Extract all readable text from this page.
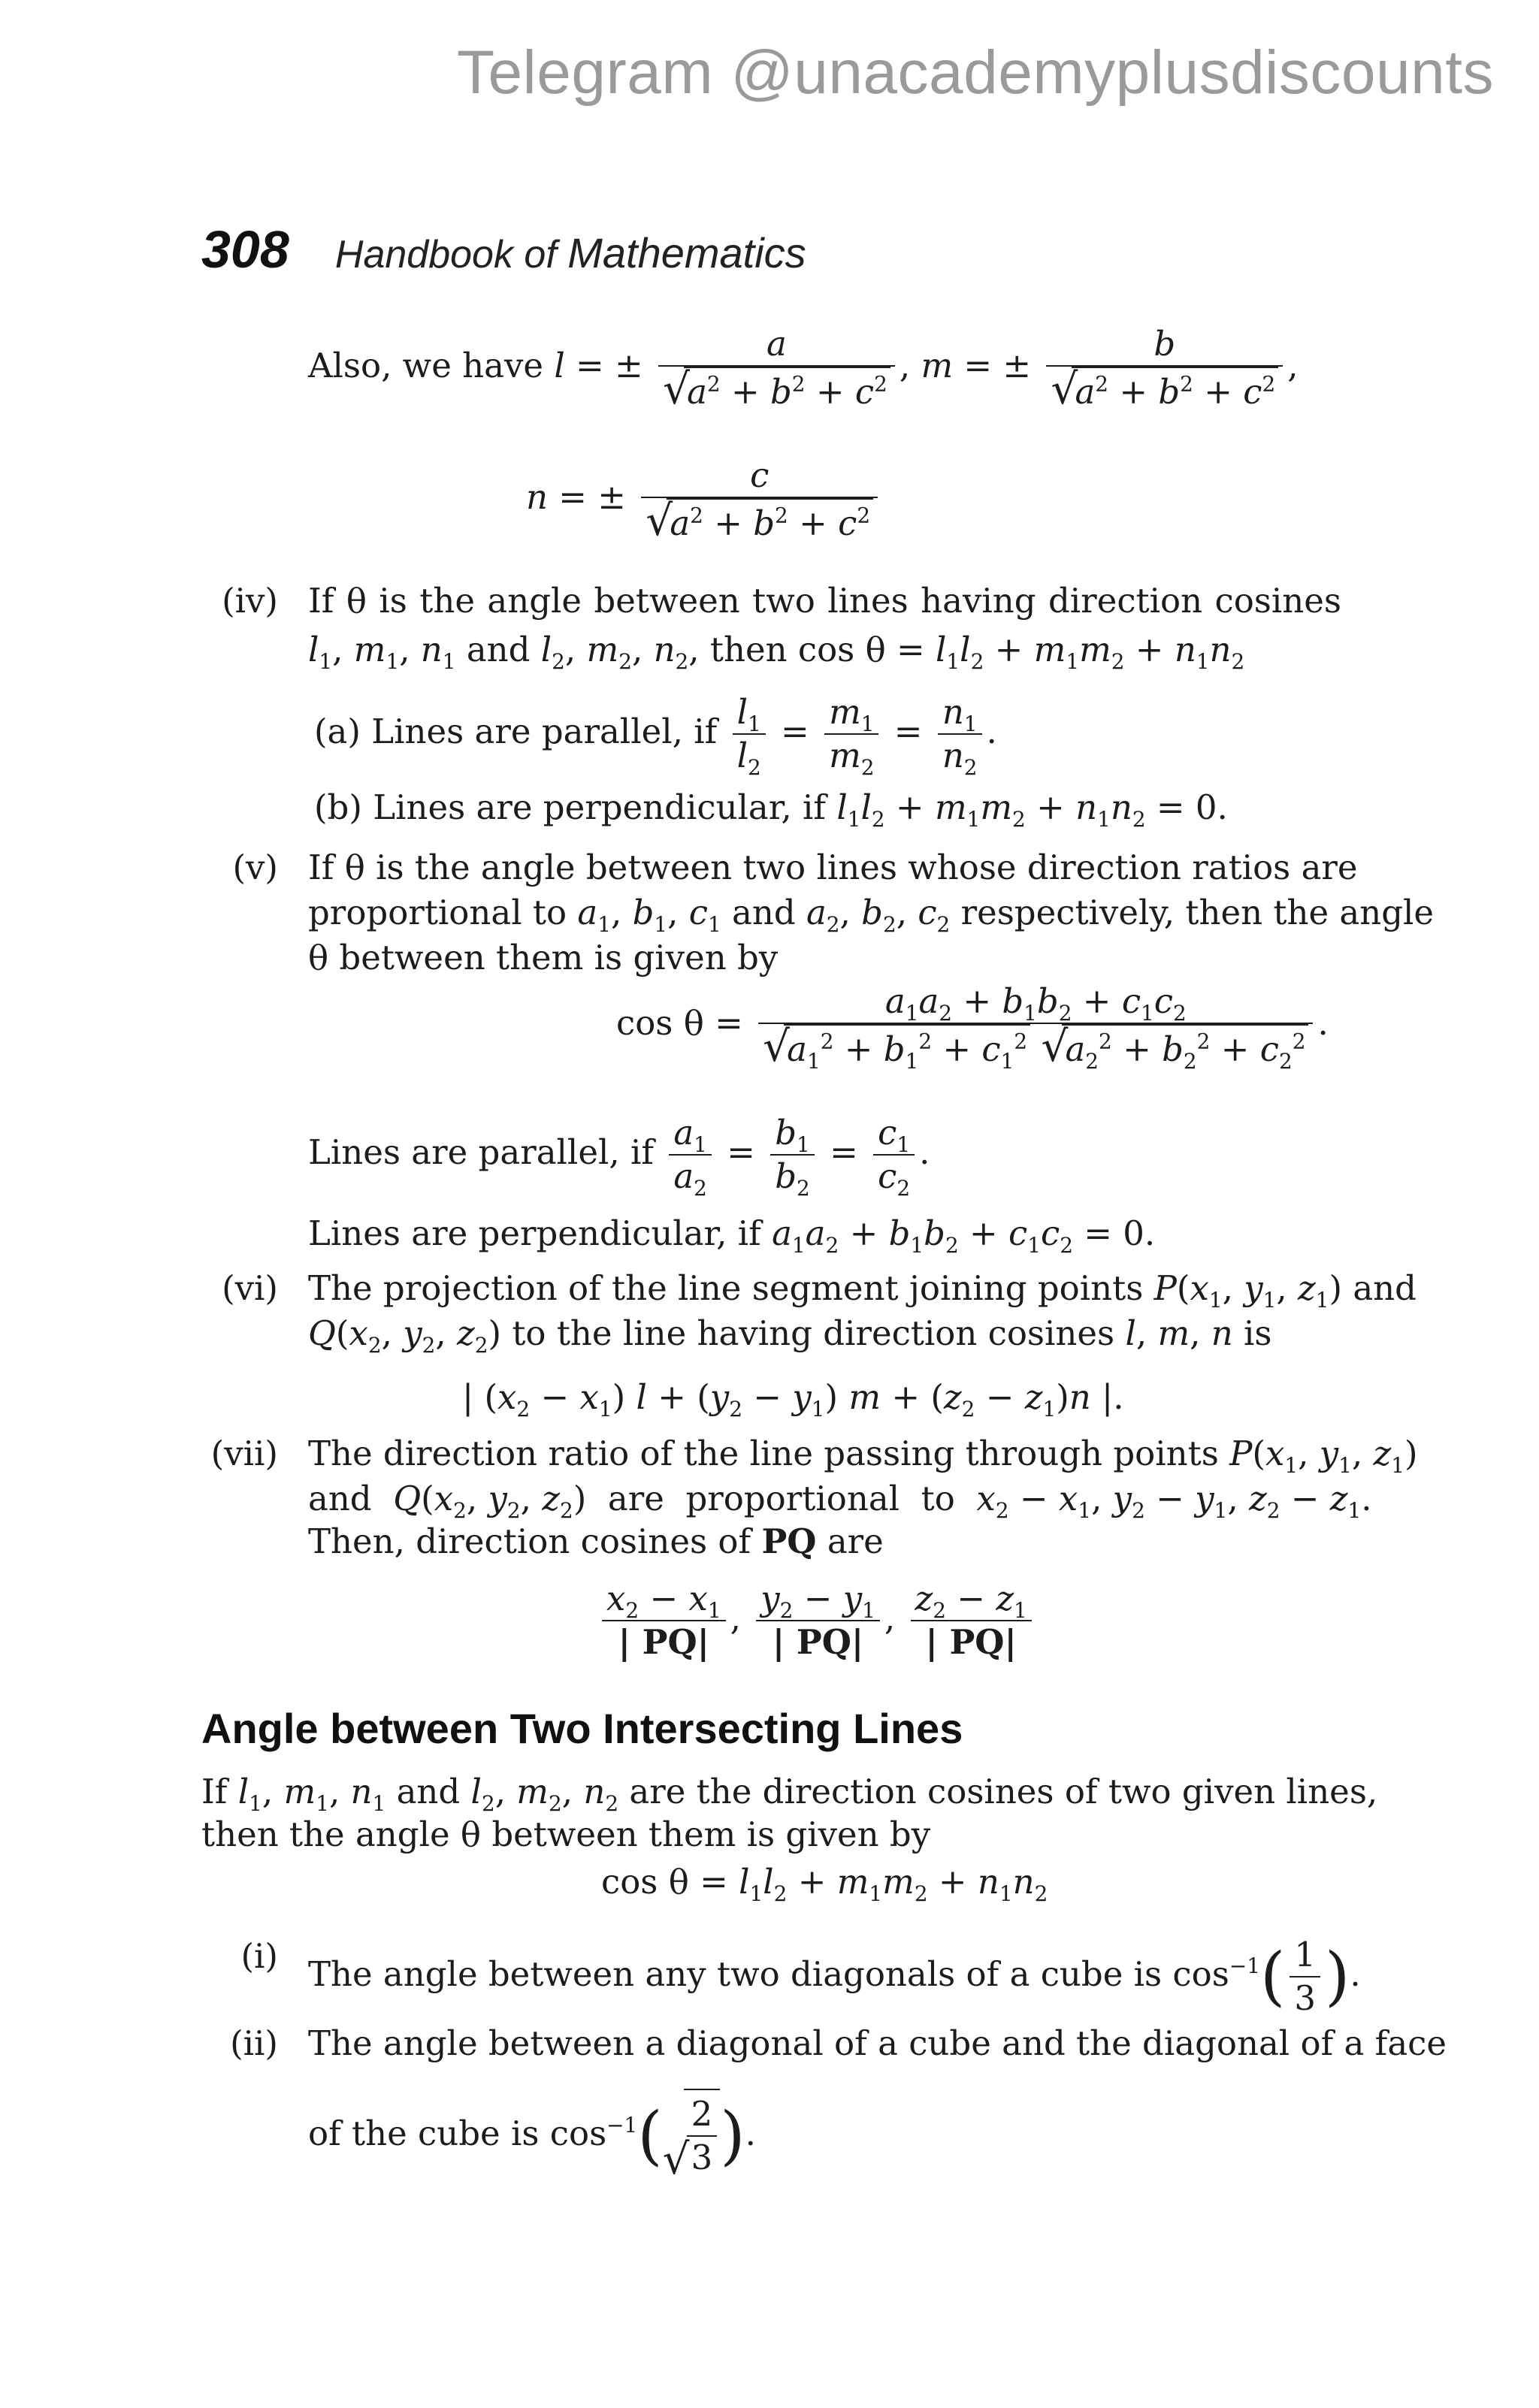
Telegram @unacademyplusdiscounts
308 Handbook of Mathematics
Also, we have l = ± a
√ $a^2 + b^2 + c^2$ , m = ± b
√ $a^2 + b^2 + c^2$ ,
n = ± c
√ $a^2 + b^2 + c^2$
(iv) If θ is the angle between two lines having direction cosines
$l_1$, $m_1$, $n_1$ and $l_2$, $m_2$, $n_2$, then $\cos \theta = l_1l_2 + m_1m_2 + n_1n_2$
(a) Lines are parallel, if $\frac{l_1}{l_2} = \frac{m_1}{m_2} = \frac{n_1}{n_2}$ .
(b) Lines are perpendicular, if $l_1l_2 + m_1m_2 + n_1n_2 = 0$.
(v) If θ is the angle between two lines whose direction ratios are
proportional to $a_1$, $b_1$, $c_1$ and $a_2$, $b_2$, $c_2$ respectively, then the angle
θ between them is given by
$\cos \theta = a_1a_2 + b_1b_2 + c_1c_2$
√ $a_1^2 + b_1^2 + c_1^2$ √ $a_2^2 + b_2^2 + c_2^2$ .
Lines are parallel, if $\frac{a_1}{a_2} = \frac{b_1}{b_2} = \frac{c_1}{c_2}$ .
Lines are perpendicular, if $a_1a_2 + b_1b_2 + c_1c_2 = 0$.
(vi) The projection of the line segment joining points $P(x_1$, $y_1$, $z_1$) and
$Q(x_2$, $y_2$, $z_2$) to the line having direction cosines l, m, n is
| $(x_2 - x_1) l + (y_2 - y_1) m + (z_2 - z_1)n$ |.
(vii) The direction ratio of the line passing through points $P(x_1$, $y_1$, $z_1$)
and  $Q(x_2$, $y_2$, $z_2$)  are  proportional  to  $x_2 - x_1$, $y_2 - y_1$, $z_2 - z_1$.
Then, direction cosines of PQ are
$\frac{x_2 - x_1}{| PQ|}$ , $\frac{y_2 - y_1}{| PQ|}$ , $\frac{z_2 - z_1}{| PQ|}$
Angle between Two Intersecting Lines
If $l_1$, $m_1$, $n_1$ and $l_2$, $m_2$, $n_2$ are the direction cosines of two given lines,
then the angle θ between them is given by
$\cos \theta = l_1l_2 + m_1m_2 + n_1n_2$
(i) The angle between any two diagonals of a cube is $\cos^{-1}( \frac{1}{3}$ ).
(ii) The angle between a diagonal of a cube and the diagonal of a face
of the cube is $\cos^{-1}$( √ $\frac{2}{3}$ ).
